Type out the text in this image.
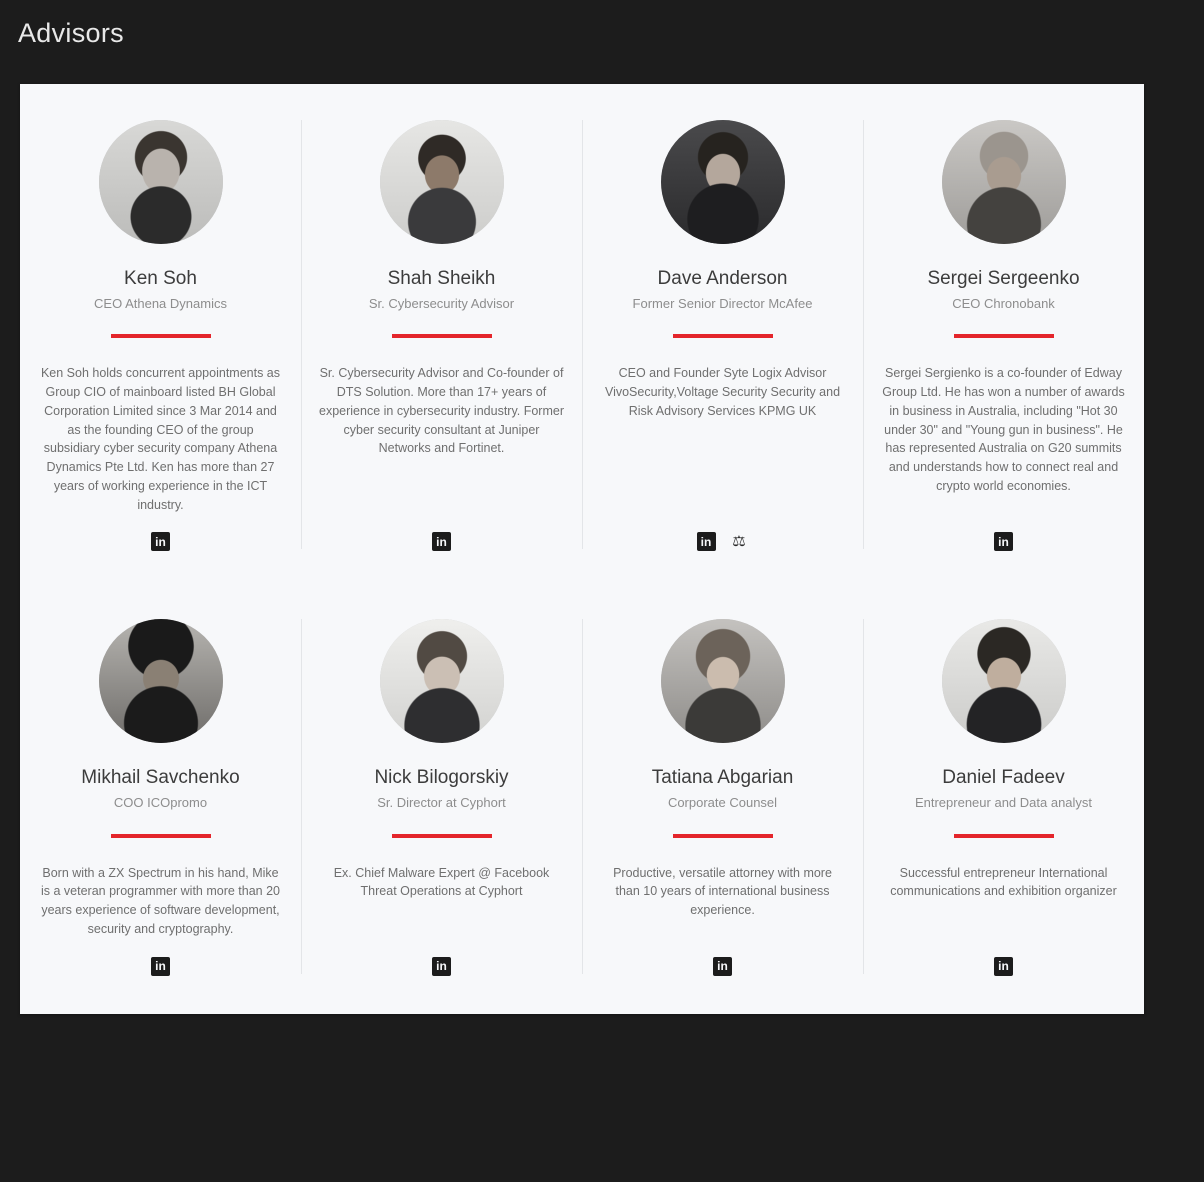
Advisors
Ken Soh
CEO Athena Dynamics
Ken Soh holds concurrent appointments as Group CIO of mainboard listed BH Global Corporation Limited since 3 Mar 2014 and as the founding CEO of the group subsidiary cyber security company Athena Dynamics Pte Ltd. Ken has more than 27 years of working experience in the ICT industry.
in
Shah Sheikh
Sr. Cybersecurity Advisor
Sr. Cybersecurity Advisor and Co-founder of DTS Solution. More than 17+ years of experience in cybersecurity industry. Former cyber security consultant at Juniper Networks and Fortinet.
in
Dave Anderson
Former Senior Director McAfee
CEO and Founder Syte Logix Advisor VivoSecurity,Voltage Security Security and Risk Advisory Services KPMG UK
in
⚖
Sergei Sergeenko
CEO Chronobank
Sergei Sergienko is a co-founder of Edway Group Ltd. He has won a number of awards in business in Australia, including "Hot 30 under 30" and "Young gun in business". He has represented Australia on G20 summits and understands how to connect real and crypto world economies.
in
Mikhail Savchenko
COO ICOpromo
Born with a ZX Spectrum in his hand, Mike is a veteran programmer with more than 20 years experience of software development, security and cryptography.
in
Nick Bilogorskiy
Sr. Director at Cyphort
Ex. Chief Malware Expert @ Facebook Threat Operations at Cyphort
in
Tatiana Abgarian
Corporate Counsel
Productive, versatile attorney with more than 10 years of international business experience.
in
Daniel Fadeev
Entrepreneur and Data analyst
Successful entrepreneur International communications and exhibition organizer
in
